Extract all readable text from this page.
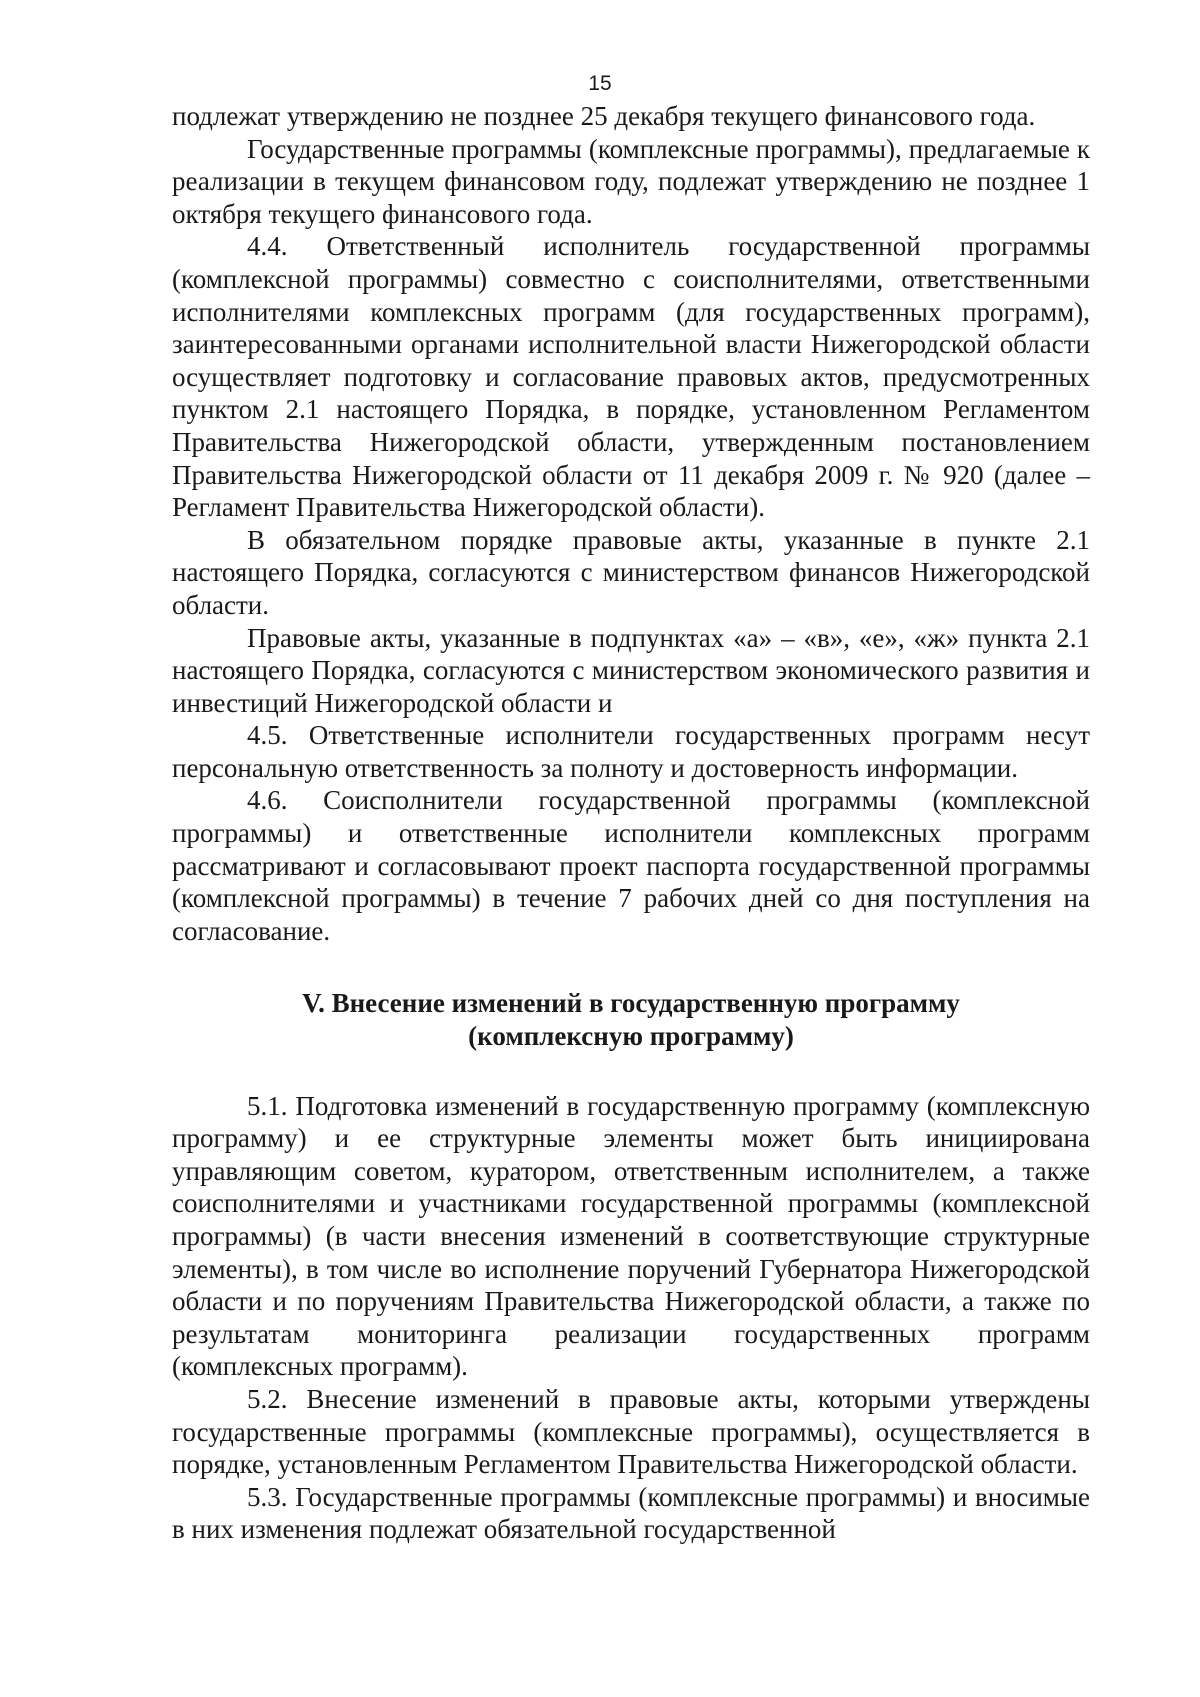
15

подлежат утверждению не позднее 25 декабря текущего финансового года.

Государственные программы (комплексные программы), предлагаемые к реализации в текущем финансовом году, подлежат утверждению не позднее 1 октября текущего финансового года.

4.4. Ответственный исполнитель государственной программы (комплексной программы) совместно с соисполнителями, ответственными исполнителями комплексных программ (для государственных программ), заинтересованными органами исполнительной власти Нижегородской области осуществляет подготовку и согласование правовых актов, предусмотренных пунктом 2.1 настоящего Порядка, в порядке, установленном Регламентом Правительства Нижегородской области, утвержденным постановлением Правительства Нижегородской области от 11 декабря 2009 г. № 920 (далее – Регламент Правительства Нижегородской области).

В обязательном порядке правовые акты, указанные в пункте 2.1 настоящего Порядка, согласуются с министерством финансов Нижегородской области.

Правовые акты, указанные в подпунктах «а» – «в», «е», «ж» пункта 2.1 настоящего Порядка, согласуются с министерством экономического развития и инвестиций Нижегородской области и

4.5. Ответственные исполнители государственных программ несут персональную ответственность за полноту и достоверность информации.

4.6. Соисполнители государственной программы (комплексной программы) и ответственные исполнители комплексных программ рассматривают и согласовывают проект паспорта государственной программы (комплексной программы) в течение 7 рабочих дней со дня поступления на согласование.

V. Внесение изменений в государственную программу
(комплексную программу)

5.1. Подготовка изменений в государственную программу (комплексную программу) и ее структурные элементы может быть инициирована управляющим советом, куратором, ответственным исполнителем, а также соисполнителями и участниками государственной программы (комплексной программы) (в части внесения изменений в соответствующие структурные элементы), в том числе во исполнение поручений Губернатора Нижегородской области и по поручениям Правительства Нижегородской области, а также по результатам мониторинга реализации государственных программ (комплексных программ).

5.2. Внесение изменений в правовые акты, которыми утверждены государственные программы (комплексные программы), осуществляется в порядке, установленным Регламентом Правительства Нижегородской области.

5.3. Государственные программы (комплексные программы) и вносимые в них изменения подлежат обязательной государственной
